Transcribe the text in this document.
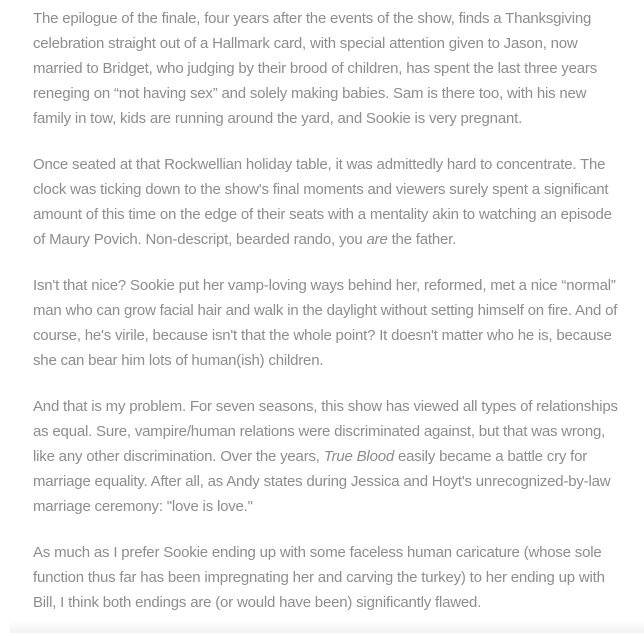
The epilogue of the finale, four years after the events of the show, finds a Thanksgiving celebration straight out of a Hallmark card, with special attention given to Jason, now married to Bridget, who judging by their brood of children, has spent the last three years reneging on “not having sex” and solely making babies. Sam is there too, with his new family in tow, kids are running around the yard, and Sookie is very pregnant.

Once seated at that Rockwellian holiday table, it was admittedly hard to concentrate. The clock was ticking down to the show's final moments and viewers surely spent a significant amount of this time on the edge of their seats with a mentality akin to watching an episode of Maury Povich. Non-descript, bearded rando, you are the father.

Isn't that nice? Sookie put her vamp-loving ways behind her, reformed, met a nice “normal” man who can grow facial hair and walk in the daylight without setting himself on fire. And of course, he's virile, because isn't that the whole point? It doesn't matter who he is, because she can bear him lots of human(ish) children.

And that is my problem. For seven seasons, this show has viewed all types of relationships as equal. Sure, vampire/human relations were discriminated against, but that was wrong, like any other discrimination. Over the years, True Blood easily became a battle cry for marriage equality. After all, as Andy states during Jessica and Hoyt's unrecognized-by-law marriage ceremony: "love is love."

As much as I prefer Sookie ending up with some faceless human caricature (whose sole function thus far has been impregnating her and carving the turkey) to her ending up with Bill, I think both endings are (or would have been) significantly flawed.
